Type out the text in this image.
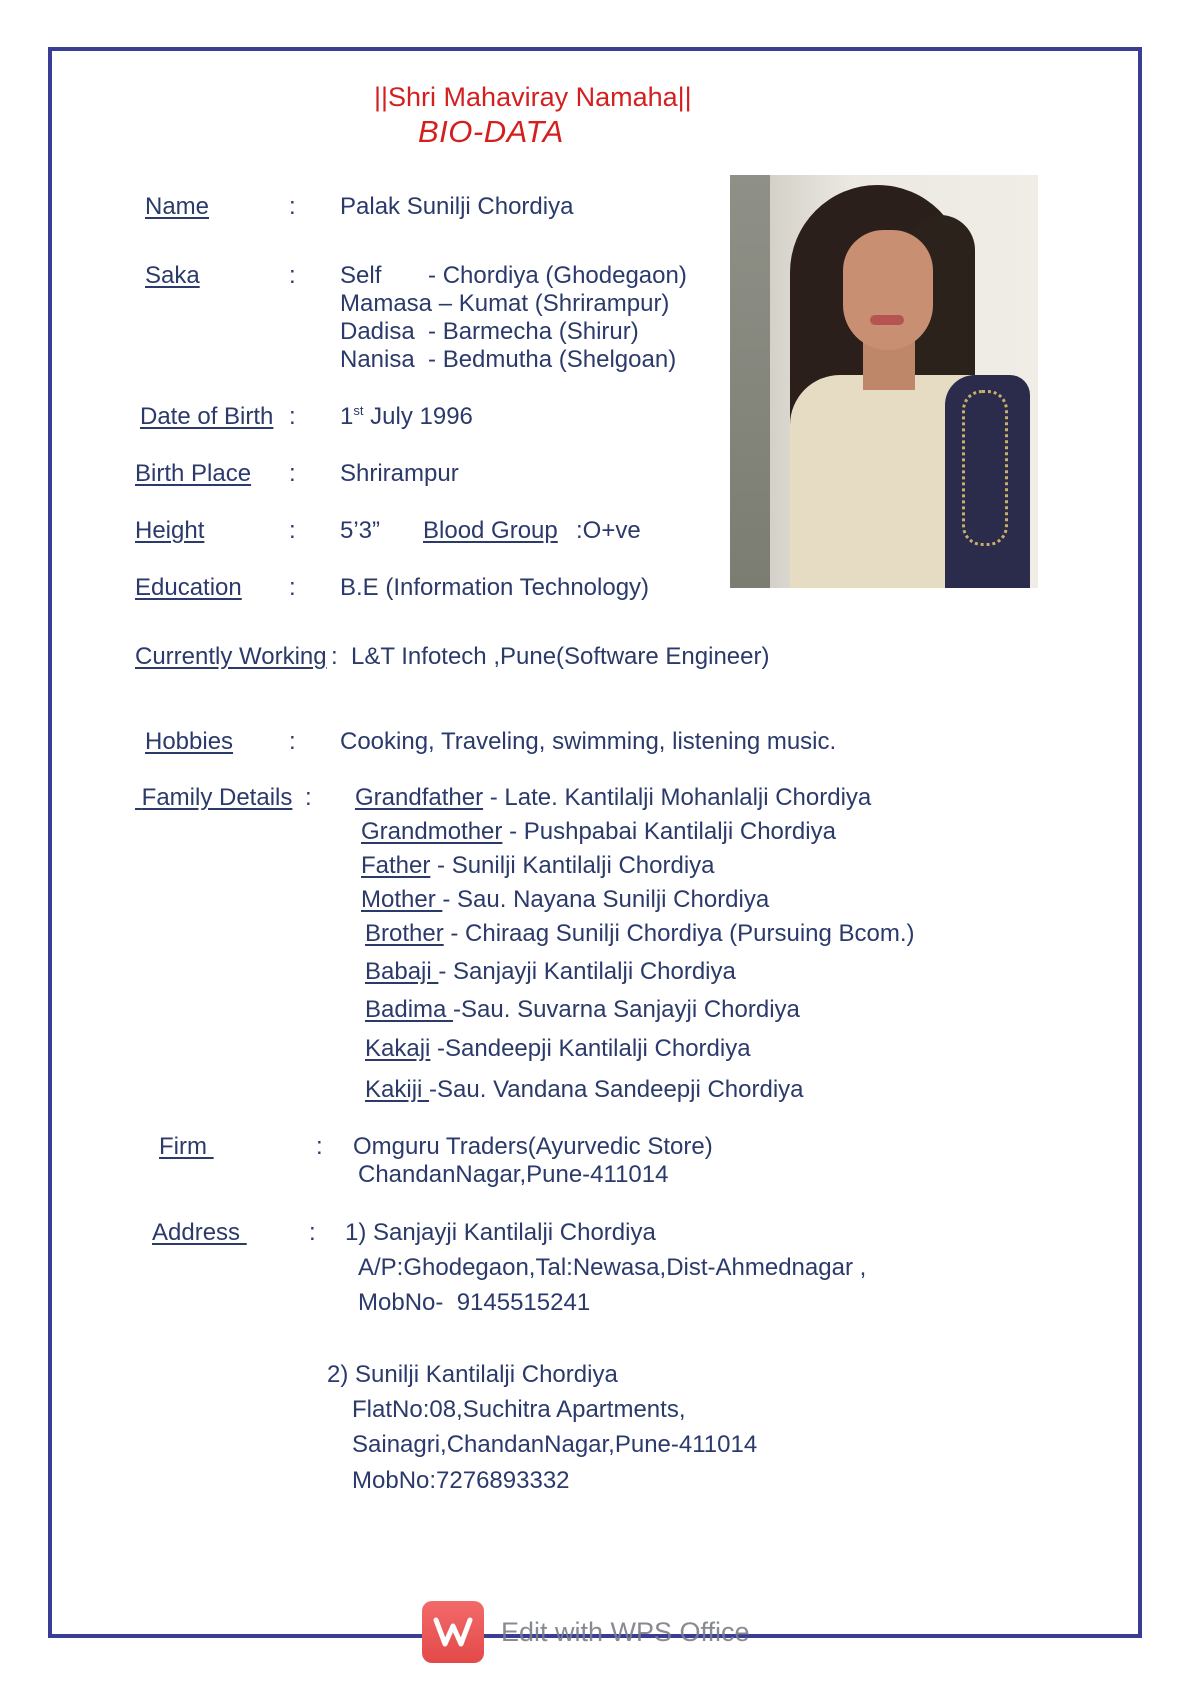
||Shri Mahaviray Namaha||
BIO-DATA
Name	: Palak Sunilji Chordiya
Saka	: Self       - Chordiya (Ghodegaon)
Mamasa – Kumat (Shrirampur)
Dadisa  - Barmecha (Shirur)
Nanisa  - Bedmutha (Shelgoan)
Date of Birth : 1st July 1996
Birth Place : Shrirampur
Height	: 5’3” Blood Group :O+ve
Education : B.E (Information Technology)
Currently Working :  L&T Infotech ,Pune(Software Engineer)
Hobbies : Cooking, Traveling, swimming, listening music.
Family Details : Grandfather - Late. Kantilalji Mohanlalji Chordiya
Grandmother - Pushpabai Kantilalji Chordiya
Father - Sunilji Kantilalji Chordiya
Mother - Sau. Nayana Sunilji Chordiya
Brother - Chiraag Sunilji Chordiya (Pursuing Bcom.)
Babaji - Sanjayji Kantilalji Chordiya
Badima -Sau. Suvarna Sanjayji Chordiya
Kakaji -Sandeepji Kantilalji Chordiya
Kakiji -Sau. Vandana Sandeepji Chordiya
Firm	: Omguru Traders(Ayurvedic Store)
ChandanNagar,Pune-411014
Address	: 1) Sanjayji Kantilalji Chordiya
A/P:Ghodegaon,Tal:Newasa,Dist-Ahmednagar ,
MobNo-  9145515241
2) Sunilji Kantilalji Chordiya
FlatNo:08,Suchitra Apartments,
Sainagri,ChandanNagar,Pune-411014
MobNo:7276893332
Edit with WPS Office
